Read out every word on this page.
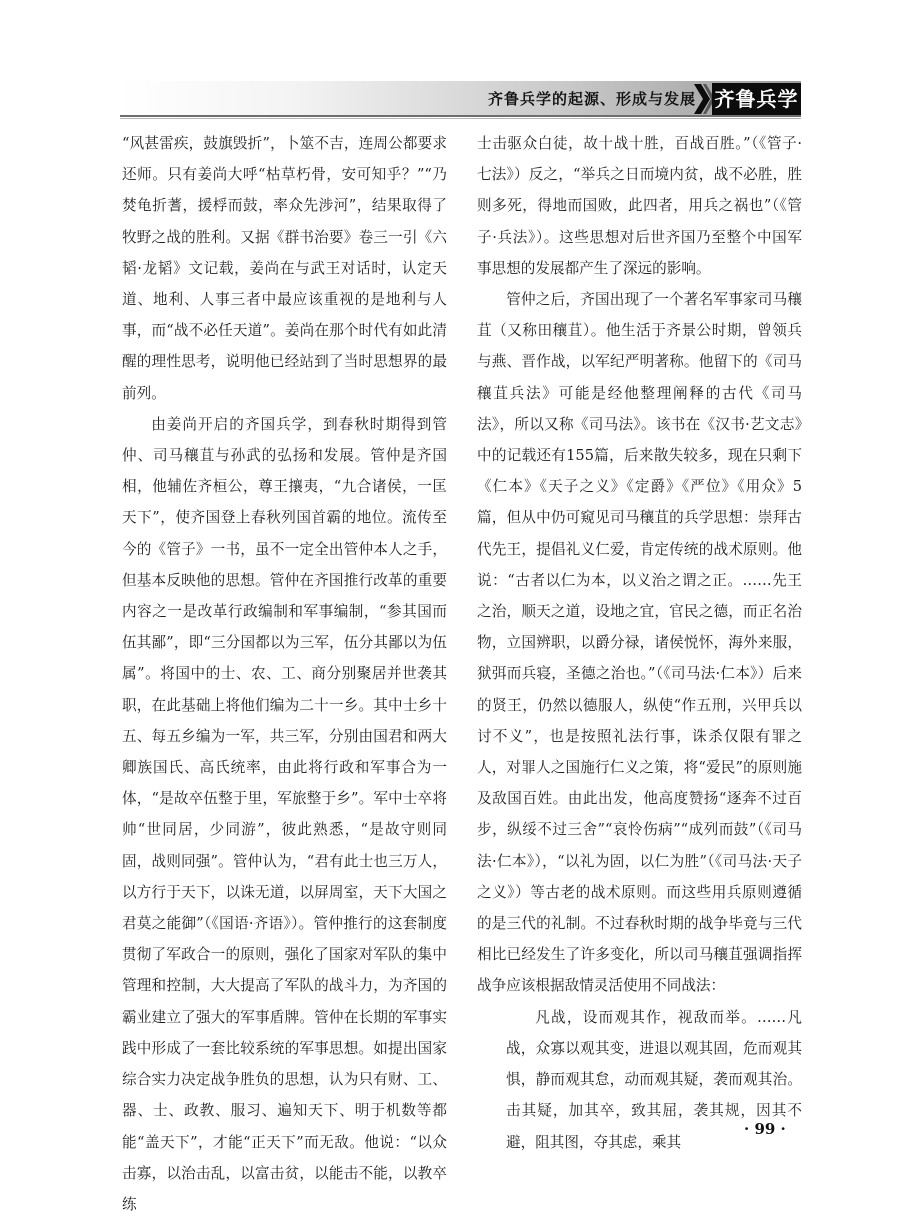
齐鲁兵学的起源、形成与发展 齐鲁兵学

“风甚雷疾，鼓旗毁折”，卜筮不吉，连周公都要求还师。只有姜尚大呼“枯草朽骨，安可知乎？”“乃焚龟折蓍，援桴而鼓，率众先涉河”，结果取得了牧野之战的胜利。又据《群书治要》卷三一引《六韬·龙韬》文记载，姜尚在与武王对话时，认定天道、地利、人事三者中最应该重视的是地利与人事，而“战不必任天道”。姜尚在那个时代有如此清醒的理性思考，说明他已经站到了当时思想界的最前列。

由姜尚开启的齐国兵学，到春秋时期得到管仲、司马穰苴与孙武的弘扬和发展。管仲是齐国相，他辅佐齐桓公，尊王攘夷，“九合诸侯，一匡天下”，使齐国登上春秋列国首霸的地位。流传至今的《管子》一书，虽不一定全出管仲本人之手，但基本反映他的思想。管仲在齐国推行改革的重要内容之一是改革行政编制和军事编制，“参其国而伍其鄙”，即“三分国都以为三军，伍分其鄙以为伍属”。将国中的士、农、工、商分别聚居并世袭其职，在此基础上将他们编为二十一乡。其中士乡十五、每五乡编为一军，共三军，分别由国君和两大卿族国氏、高氏统率，由此将行政和军事合为一体，“是故卒伍整于里，军旅整于乡”。军中士卒将帅“世同居，少同游”，彼此熟悉，“是故守则同固，战则同强”。管仲认为，“君有此士也三万人，以方行于天下，以诛无道，以屏周室，天下大国之君莫之能御”（《国语·齐语》）。管仲推行的这套制度贯彻了军政合一的原则，强化了国家对军队的集中管理和控制，大大提高了军队的战斗力，为齐国的霸业建立了强大的军事盾牌。管仲在长期的军事实践中形成了一套比较系统的军事思想。如提出国家综合实力决定战争胜负的思想，认为只有财、工、器、士、政教、服习、遍知天下、明于机数等都能“盖天下”，才能“正天下”而无敌。他说：“以众击寡，以治击乱，以富击贫，以能击不能，以教卒练

士击驱众白徒，故十战十胜，百战百胜。”（《管子·七法》）反之，“举兵之日而境内贫，战不必胜，胜则多死，得地而国败，此四者，用兵之祸也”（《管子·兵法》）。这些思想对后世齐国乃至整个中国军事思想的发展都产生了深远的影响。

管仲之后，齐国出现了一个著名军事家司马穰苴（又称田穰苴）。他生活于齐景公时期，曾领兵与燕、晋作战，以军纪严明著称。他留下的《司马穰苴兵法》可能是经他整理阐释的古代《司马法》，所以又称《司马法》。该书在《汉书·艺文志》中的记载还有155篇，后来散失较多，现在只剩下《仁本》《天子之义》《定爵》《严位》《用众》5篇，但从中仍可窥见司马穰苴的兵学思想：崇拜古代先王，提倡礼义仁爱，肯定传统的战术原则。他说：“古者以仁为本，以义治之谓之正。……先王之治，顺天之道，设地之宜，官民之德，而正名治物，立国辨职，以爵分禄，诸侯悦怀，海外来服，狱弭而兵寝，圣德之治也。”（《司马法·仁本》）后来的贤王，仍然以德服人，纵使“作五刑，兴甲兵以讨不义”，也是按照礼法行事，诛杀仅限有罪之人，对罪人之国施行仁义之策，将“爱民”的原则施及敌国百姓。由此出发，他高度赞扬“逐奔不过百步，纵绥不过三舍”“哀怜伤病”“成列而鼓”（《司马法·仁本》），“以礼为固，以仁为胜”（《司马法·天子之义》）等古老的战术原则。而这些用兵原则遵循的是三代的礼制。不过春秋时期的战争毕竟与三代相比已经发生了许多变化，所以司马穰苴强调指挥战争应该根据敌情灵活使用不同战法：

凡战，设而观其作，视敌而举。……凡战，众寡以观其变，进退以观其固，危而观其惧，静而观其怠，动而观其疑，袭而观其治。击其疑，加其卒，致其屈，袭其规，因其不避，阻其图，夺其虑，乘其

· 99 ·
